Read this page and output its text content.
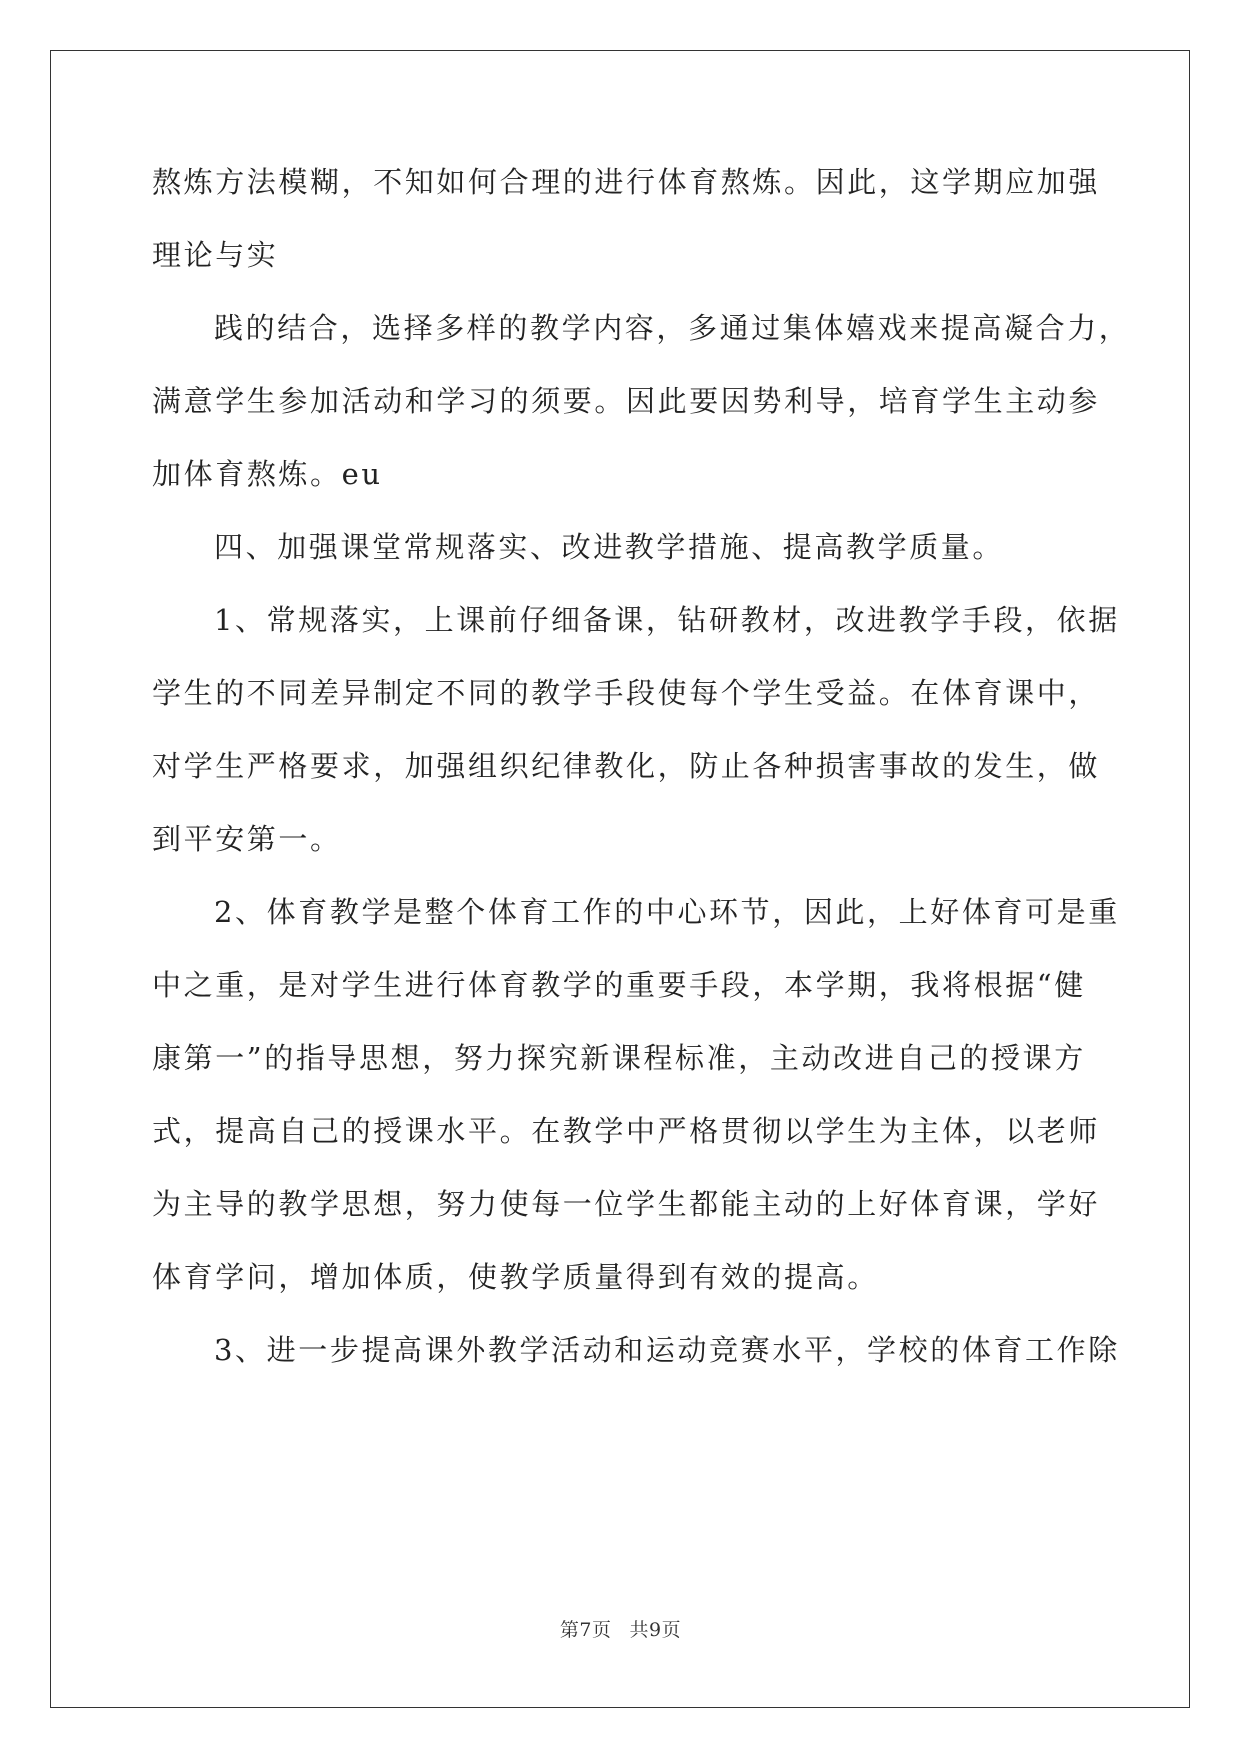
熬炼方法模糊，不知如何合理的进行体育熬炼。因此，这学期应加强
理论与实
践的结合，选择多样的教学内容，多通过集体嬉戏来提高凝合力，
满意学生参加活动和学习的须要。因此要因势利导，培育学生主动参
加体育熬炼。eu
四、加强课堂常规落实、改进教学措施、提高教学质量。
1、常规落实，上课前仔细备课，钻研教材，改进教学手段，依据
学生的不同差异制定不同的教学手段使每个学生受益。在体育课中，
对学生严格要求，加强组织纪律教化，防止各种损害事故的发生，做
到平安第一。
2、体育教学是整个体育工作的中心环节，因此，上好体育可是重
中之重，是对学生进行体育教学的重要手段，本学期，我将根据“健
康第一”的指导思想，努力探究新课程标准，主动改进自己的授课方
式，提高自己的授课水平。在教学中严格贯彻以学生为主体，以老师
为主导的教学思想，努力使每一位学生都能主动的上好体育课，学好
体育学问，增加体质，使教学质量得到有效的提高。
3、进一步提高课外教学活动和运动竞赛水平，学校的体育工作除
第7页 共9页
